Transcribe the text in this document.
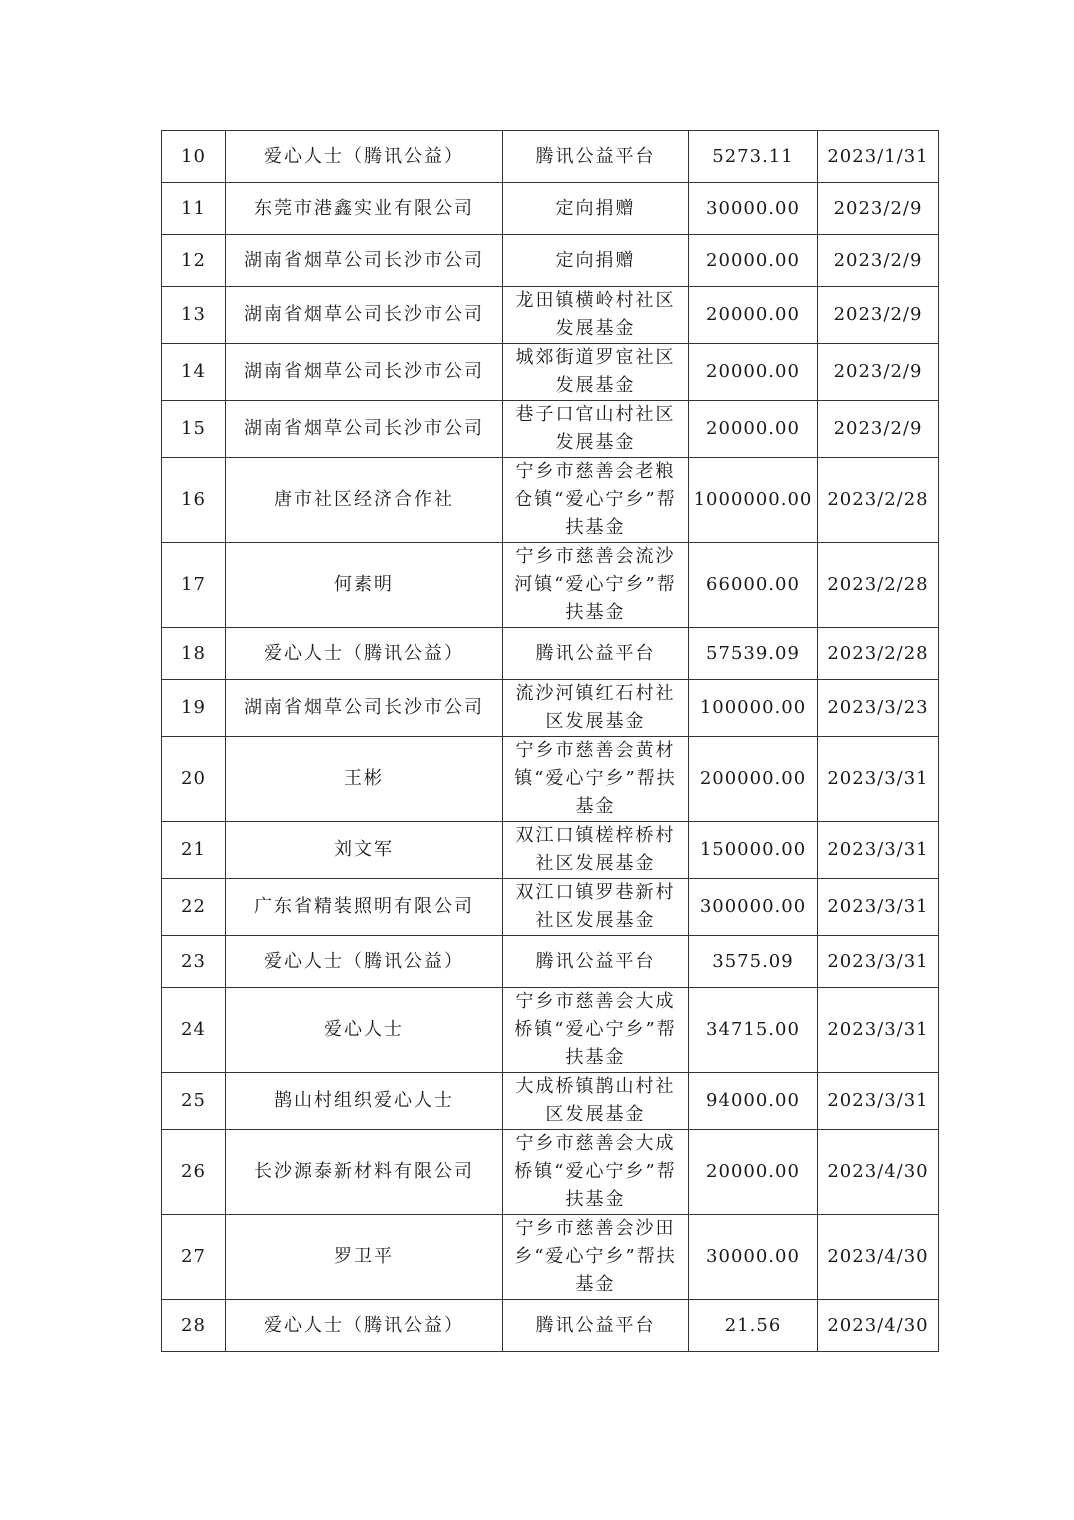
10	爱心人士（腾讯公益）	腾讯公益平台	5273.11	2023/1/31
11	东莞市港鑫实业有限公司	定向捐赠	30000.00	2023/2/9
12	湖南省烟草公司长沙市公司	定向捐赠	20000.00	2023/2/9
13	湖南省烟草公司长沙市公司	龙田镇横岭村社区发展基金	20000.00	2023/2/9
14	湖南省烟草公司长沙市公司	城郊街道罗宦社区发展基金	20000.00	2023/2/9
15	湖南省烟草公司长沙市公司	巷子口官山村社区发展基金	20000.00	2023/2/9
16	唐市社区经济合作社	宁乡市慈善会老粮仓镇“爱心宁乡”帮扶基金	1000000.00	2023/2/28
17	何素明	宁乡市慈善会流沙河镇“爱心宁乡”帮扶基金	66000.00	2023/2/28
18	爱心人士（腾讯公益）	腾讯公益平台	57539.09	2023/2/28
19	湖南省烟草公司长沙市公司	流沙河镇红石村社区发展基金	100000.00	2023/3/23
20	王彬	宁乡市慈善会黄材镇“爱心宁乡”帮扶基金	200000.00	2023/3/31
21	刘文军	双江口镇槎梓桥村社区发展基金	150000.00	2023/3/31
22	广东省精装照明有限公司	双江口镇罗巷新村社区发展基金	300000.00	2023/3/31
23	爱心人士（腾讯公益）	腾讯公益平台	3575.09	2023/3/31
24	爱心人士	宁乡市慈善会大成桥镇“爱心宁乡”帮扶基金	34715.00	2023/3/31
25	鹊山村组织爱心人士	大成桥镇鹊山村社区发展基金	94000.00	2023/3/31
26	长沙源泰新材料有限公司	宁乡市慈善会大成桥镇“爱心宁乡”帮扶基金	20000.00	2023/4/30
27	罗卫平	宁乡市慈善会沙田乡“爱心宁乡”帮扶基金	30000.00	2023/4/30
28	爱心人士（腾讯公益）	腾讯公益平台	21.56	2023/4/30
